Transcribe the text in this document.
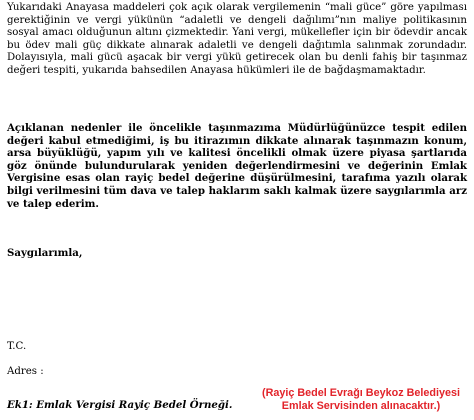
Yukarıdaki Anayasa maddeleri çok açık olarak vergilemenin “mali güce” göre yapılması gerektiğinin ve vergi yükünün “adaletli ve dengeli dağılımı”nın maliye politikasının sosyal amacı olduğunun altını çizmektedir. Yani vergi, mükellefler için bir ödevdir ancak bu ödev mali güç dikkate alınarak adaletli ve dengeli dağıtımla salınmak zorundadır. Dolayısıyla, mali gücü aşacak bir vergi yükü getirecek olan bu denli fahiş bir taşınmaz değeri tespiti, yukarıda bahsedilen Anayasa hükümleri ile de bağdaşmamaktadır.

Açıklanan nedenler ile öncelikle taşınmazıma Müdürlüğünüzce tespit edilen değeri kabul etmediğimi, iş bu itirazımın dikkate alınarak taşınmazın konum, arsa büyüklüğü, yapım yılı ve kalitesi öncelikli olmak üzere piyasa şartlarıda göz önünde bulundurularak yeniden değerlendirmesini ve değerinin Emlak Vergisine esas olan rayiç bedel değerine düşürülmesini, tarafıma yazılı olarak bilgi verilmesini tüm dava ve talep haklarım saklı kalmak üzere saygılarımla arz ve talep ederim.

Saygılarımla,
T.C.
Adres :
Ek1: Emlak Vergisi Rayiç Bedel Örneği.
(Rayiç Bedel Evrağı Beykoz Belediyesi
Emlak Servisinden alınacaktır.)
